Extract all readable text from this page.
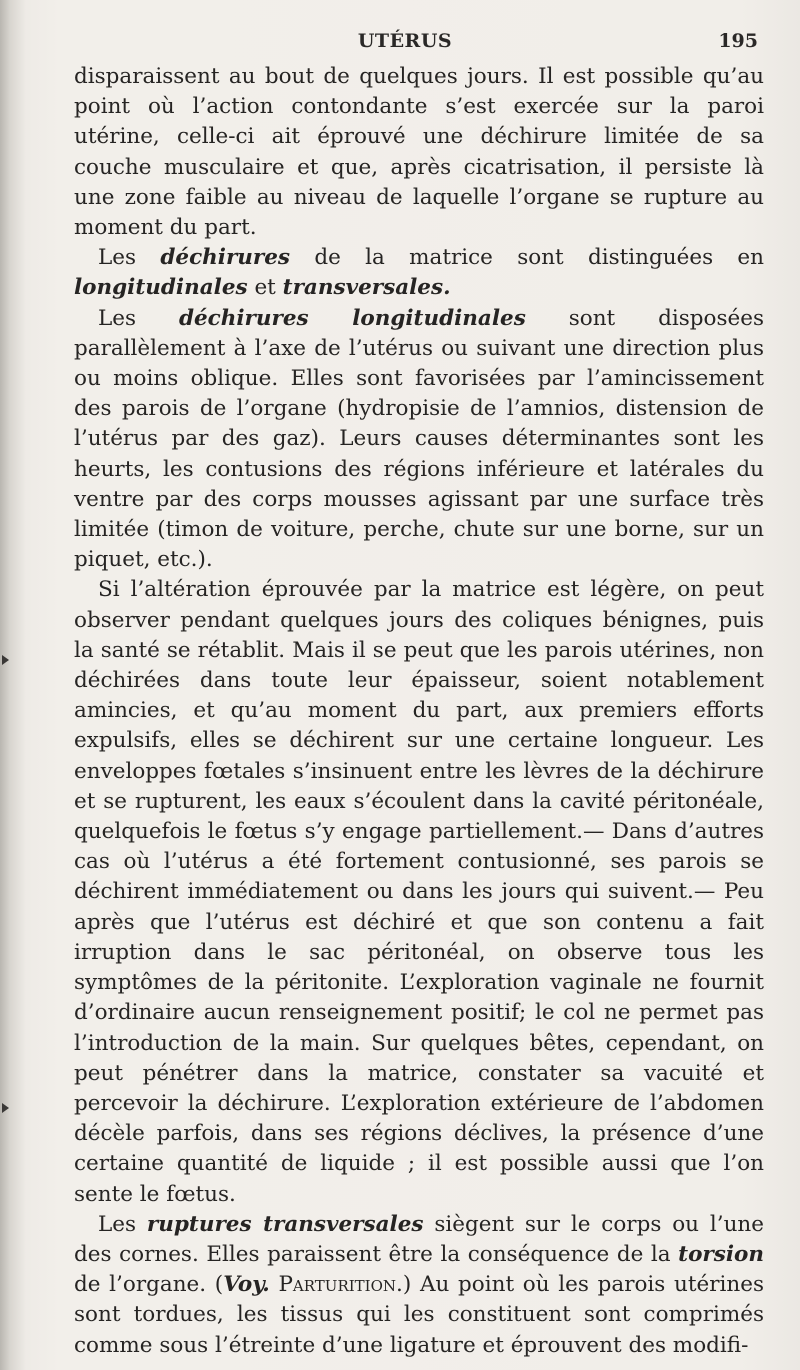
UTÉRUS	195

disparaissent au bout de quelques jours. Il est possible qu’au point où l’action contondante s’est exercée sur la paroi utérine, celle-ci ait éprouvé une déchirure limitée de sa couche musculaire et que, après cicatrisation, il persiste là une zone faible au niveau de laquelle l’organe se rupture au moment du part.

Les déchirures de la matrice sont distinguées en longitudinales et transversales.

Les déchirures longitudinales sont disposées parallèlement à l’axe de l’utérus ou suivant une direction plus ou moins oblique. Elles sont favorisées par l’amincissement des parois de l’organe (hydropisie de l’amnios, distension de l’utérus par des gaz). Leurs causes déterminantes sont les heurts, les contusions des régions inférieure et latérales du ventre par des corps mousses agissant par une surface très limitée (timon de voiture, perche, chute sur une borne, sur un piquet, etc.).

Si l’altération éprouvée par la matrice est légère, on peut observer pendant quelques jours des coliques bénignes, puis la santé se rétablit. Mais il se peut que les parois utérines, non déchirées dans toute leur épaisseur, soient notablement amincies, et qu’au moment du part, aux premiers efforts expulsifs, elles se déchirent sur une certaine longueur. Les enveloppes fœtales s’insinuent entre les lèvres de la déchirure et se rupturent, les eaux s’écoulent dans la cavité péritonéale, quelquefois le fœtus s’y engage partiellement.— Dans d’autres cas où l’utérus a été fortement contusionné, ses parois se déchirent immédiatement ou dans les jours qui suivent.— Peu après que l’utérus est déchiré et que son contenu a fait irruption dans le sac péritonéal, on observe tous les symptômes de la péritonite. L’exploration vaginale ne fournit d’ordinaire aucun renseignement positif; le col ne permet pas l’introduction de la main. Sur quelques bêtes, cependant, on peut pénétrer dans la matrice, constater sa vacuité et percevoir la déchirure. L’exploration extérieure de l’abdomen décèle parfois, dans ses régions déclives, la présence d’une certaine quantité de liquide ; il est possible aussi que l’on sente le fœtus.

Les ruptures transversales siègent sur le corps ou l’une des cornes. Elles paraissent être la conséquence de la torsion de l’organe. (Voy. Parturition.) Au point où les parois utérines sont tordues, les tissus qui les constituent sont comprimés comme sous l’étreinte d’une ligature et éprouvent des modifi-
